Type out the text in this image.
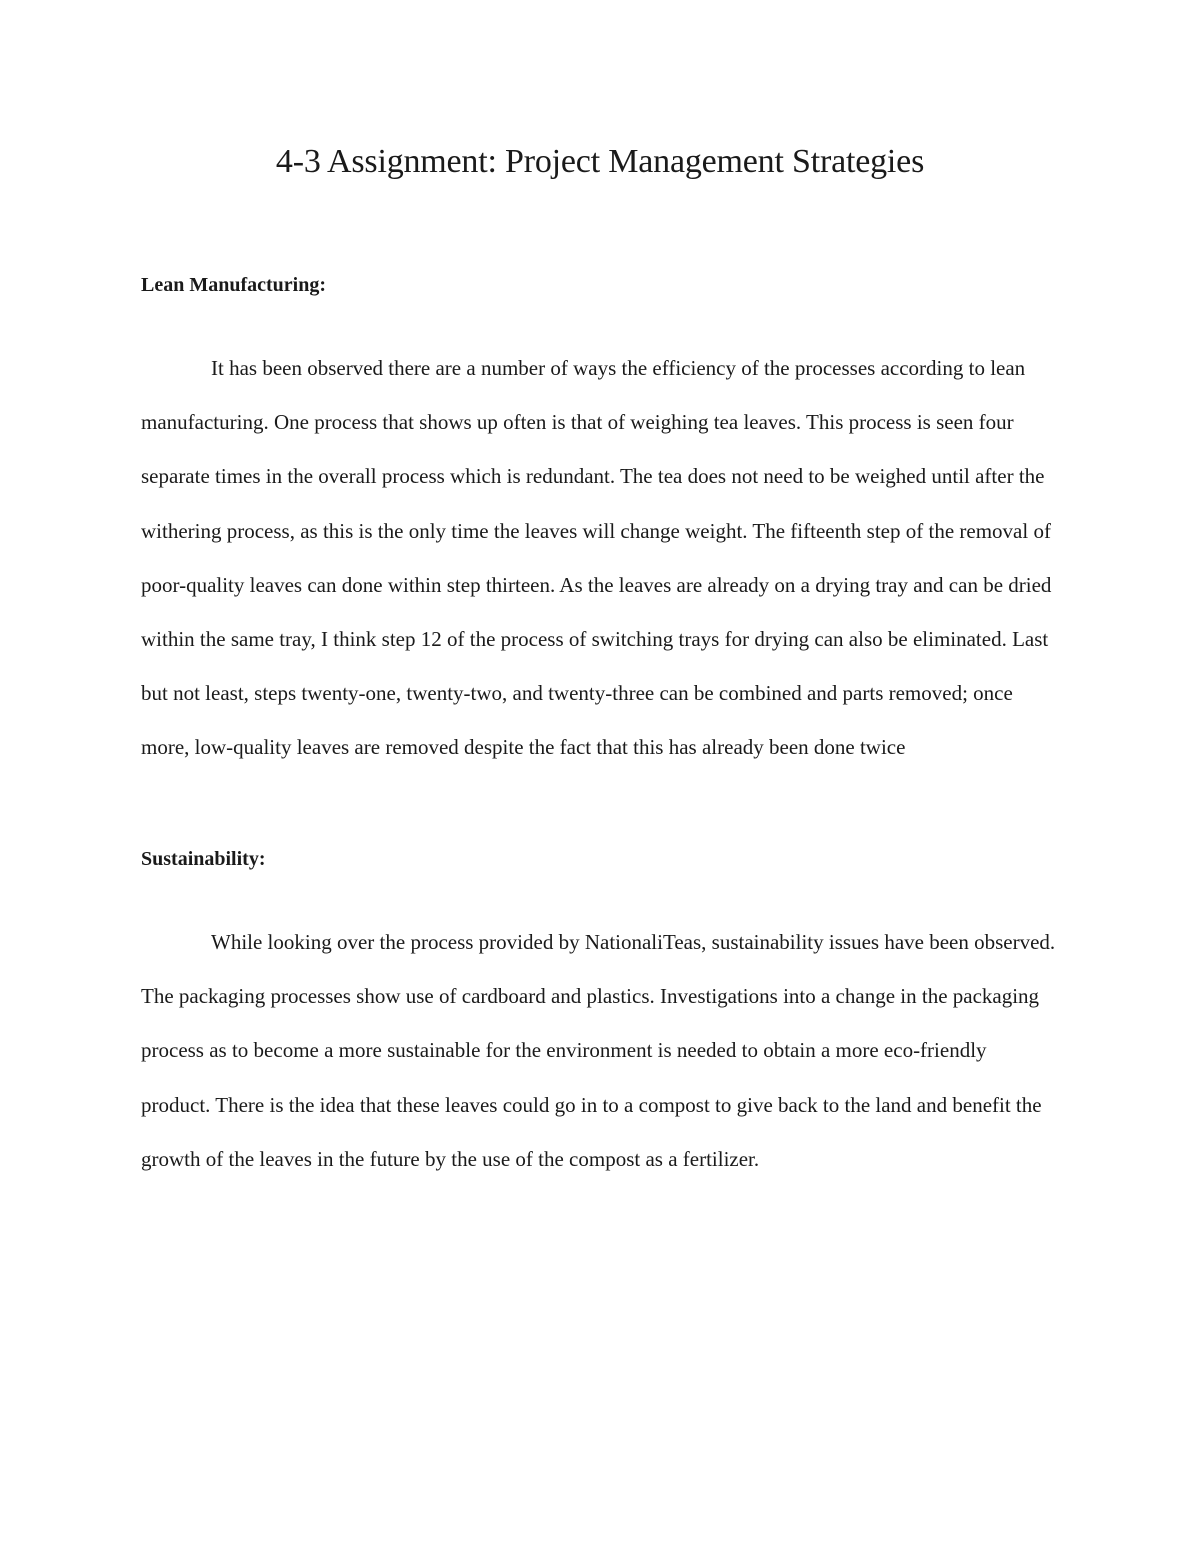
4-3 Assignment: Project Management Strategies
Lean Manufacturing:

It has been observed there are a number of ways the efficiency of the processes according to lean manufacturing. One process that shows up often is that of weighing tea leaves. This process is seen four separate times in the overall process which is redundant. The tea does not need to be weighed until after the withering process, as this is the only time the leaves will change weight. The fifteenth step of the removal of poor-quality leaves can done within step thirteen. As the leaves are already on a drying tray and can be dried within the same tray, I think step 12 of the process of switching trays for drying can also be eliminated. Last but not least, steps twenty-one, twenty-two, and twenty-three can be combined and parts removed; once more, low-quality leaves are removed despite the fact that this has already been done twice

Sustainability:

While looking over the process provided by NationaliTeas, sustainability issues have been observed. The packaging processes show use of cardboard and plastics. Investigations into a change in the packaging process as to become a more sustainable for the environment is needed to obtain a more eco-friendly product. There is the idea that these leaves could go in to a compost to give back to the land and benefit the growth of the leaves in the future by the use of the compost as a fertilizer.
